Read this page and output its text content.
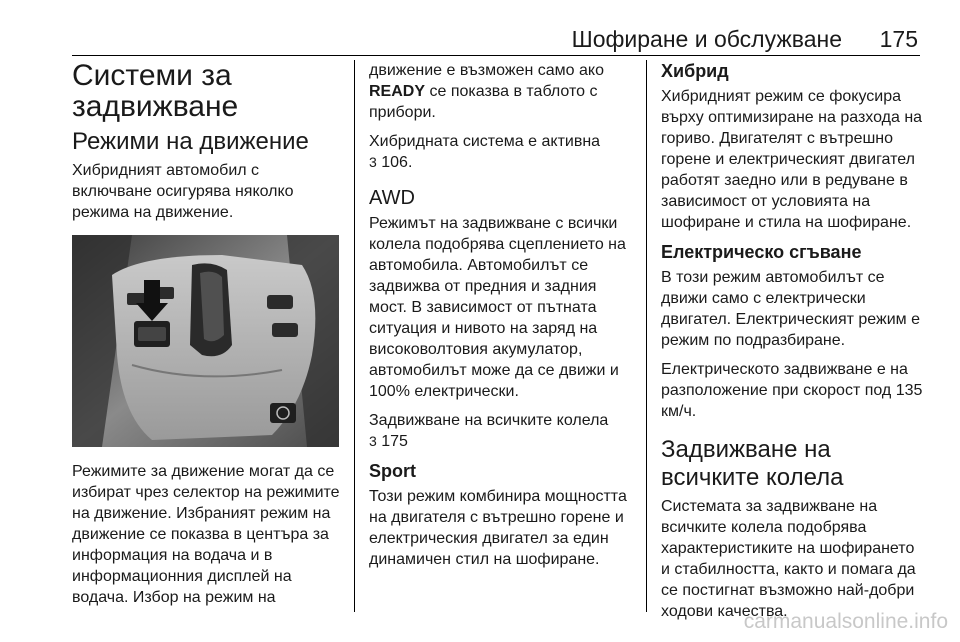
Шофиране и обслужване 175
Системи за задвижване
Режими на движение

Хибридният автомобил с включване осигурява няколко режима на движение.

Режимите за движение могат да се избират чрез селектор на режимите на движение. Избраният режим на движение се показва в центъра за информация на водача и в информационния дисплей на водача. Избор на режим на

движение е възможен само ако
READY се показва в таблото с прибори.

Хибридната система е активна
3 106.

AWD

Режимът на задвижване с всички колела подобрява сцеплението на автомобила. Автомобилът се задвижва от предния и задния мост. В зависимост от пътната ситуация и нивото на заряд на високоволтовия акумулатор, автомобилът може да се движи и 100% електрически.

Задвижване на всичките колела
3 175

Sport

Този режим комбинира мощността на двигателя с вътрешно горене и електрическия двигател за един динамичен стил на шофиране.

Хибрид

Хибридният режим се фокусира върху оптимизиране на разхода на гориво. Двигателят с вътрешно горене и електрическият двигател работят заедно или в редуване в зависимост от условията на шофиране и стила на шофиране.

Електрическо сгъване

В този режим автомобилът се движи само с електрически двигател. Електрическият режим е режим по подразбиране.

Електрическото задвижване е на разположение при скорост под 135 км/ч.

Задвижване на всичките колела

Системата за задвижване на всичките колела подобрява характеристиките на шофирането и стабилността, както и помага да се постигнат възможно най-добри ходови качества.

carmanualsonline.info
